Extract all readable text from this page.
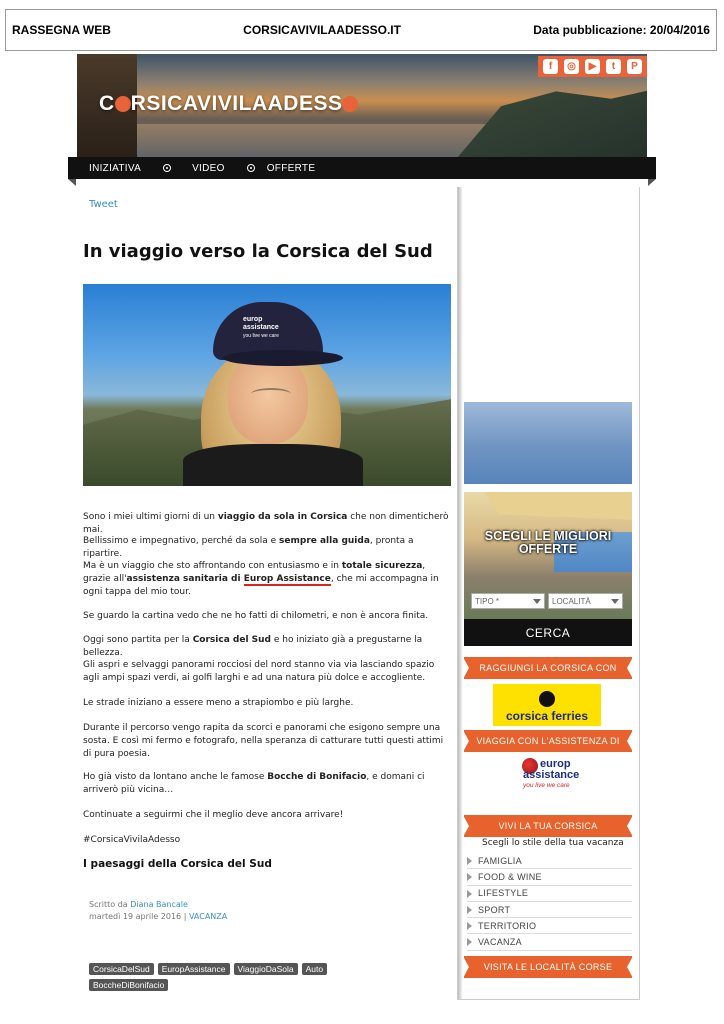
RASSEGNA WEB	CORSICAVIVILAADESSO.IT	Data pubblicazione: 20/04/2016
C RSICAVIVILAADESS
f	◎	▶	t	P
INIZIATIVA	VIDEO	OFFERTE
Tweet
In viaggio verso la Corsica del Sud
europ
assistance
you live we care
Sono i miei ultimi giorni di un viaggio da sola in Corsica che non dimenticherò mai.
Bellissimo e impegnativo, perché da sola e sempre alla guida, pronta a ripartire.
Ma è un viaggio che sto affrontando con entusiasmo e in totale sicurezza, grazie all'assistenza sanitaria di Europ Assistance, che mi accompagna in ogni tappa del mio tour.
Se guardo la cartina vedo che ne ho fatti di chilometri, e non è ancora finita.
Oggi sono partita per la Corsica del Sud e ho iniziato già a pregustarne la bellezza.
Gli aspri e selvaggi panorami rocciosi del nord stanno via via lasciando spazio agli ampi spazi verdi, ai golfi larghi e ad una natura più dolce e accogliente.
Le strade iniziano a essere meno a strapiombo e più larghe.
Durante il percorso vengo rapita da scorci e panorami che esigono sempre una sosta. E così mi fermo e fotografo, nella speranza di catturare tutti questi attimi di pura poesia.
Ho già visto da lontano anche le famose Bocche di Bonifacio, e domani ci arriverò più vicina…
Continuate a seguirmi che il meglio deve ancora arrivare!
#CorsicaVivilaAdesso
I paesaggi della Corsica del Sud
Scritto da Diana Bancale
martedì 19 aprile 2016 | VACANZA
CorsicaDelSud	EuropAssistance	ViaggioDaSola	Auto
BoccheDiBonifacio
SCEGLI LE MIGLIORI
OFFERTE
TIPO *	LOCALITÀ
CERCA
RAGGIUNGI LA CORSICA CON
corsica ferries
VIAGGIA CON L'ASSISTENZA DI
europ
assistance
you live we care
VIVI LA TUA CORSICA
Scegli lo stile della tua vacanza
FAMIGLIA
FOOD & WINE
LIFESTYLE
SPORT
TERRITORIO
VACANZA
VISITA LE LOCALITÀ CORSE
